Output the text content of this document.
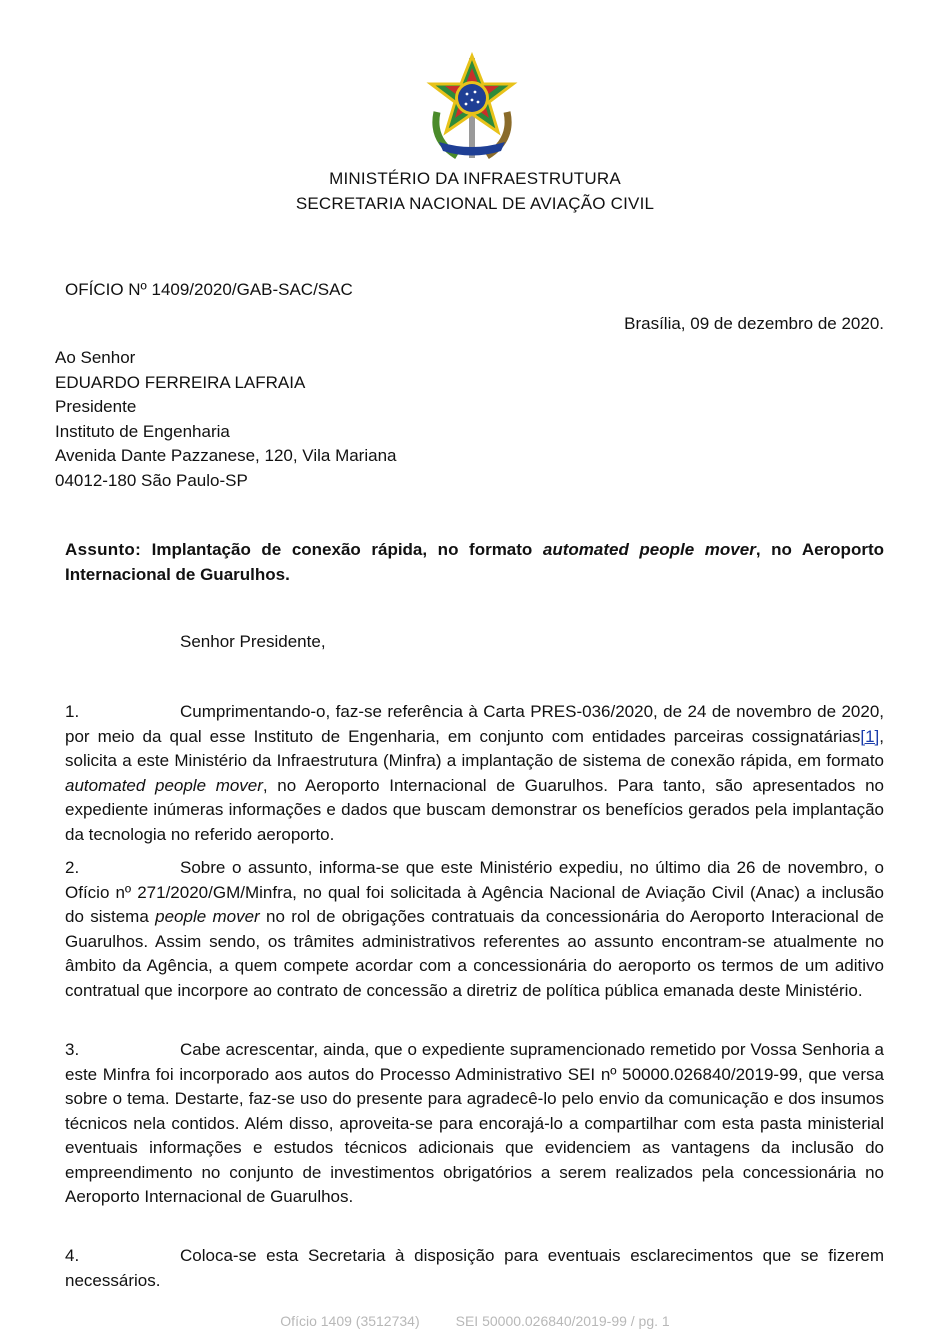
MINISTÉRIO DA INFRAESTRUTURA
SECRETARIA NACIONAL DE AVIAÇÃO CIVIL
OFÍCIO Nº 1409/2020/GAB-SAC/SAC
Brasília, 09 de dezembro de 2020.
Ao Senhor
EDUARDO FERREIRA LAFRAIA
Presidente
Instituto de Engenharia
Avenida Dante Pazzanese, 120, Vila Mariana
04012-180 São Paulo-SP
Assunto: Implantação de conexão rápida, no formato automated people mover, no Aeroporto Internacional de Guarulhos.
Senhor Presidente,
1.	Cumprimentando-o, faz-se referência à Carta PRES-036/2020, de 24 de novembro de 2020, por meio da qual esse Instituto de Engenharia, em conjunto com entidades parceiras cossignatárias[1], solicita a este Ministério da Infraestrutura (Minfra) a implantação de sistema de conexão rápida, em formato automated people mover, no Aeroporto Internacional de Guarulhos. Para tanto, são apresentados no expediente inúmeras informações e dados que buscam demonstrar os benefícios gerados pela implantação da tecnologia no referido aeroporto.
2.	Sobre o assunto, informa-se que este Ministério expediu, no último dia 26 de novembro, o Ofício nº 271/2020/GM/Minfra, no qual foi solicitada à Agência Nacional de Aviação Civil (Anac) a inclusão do sistema people mover no rol de obrigações contratuais da concessionária do Aeroporto Interacional de Guarulhos. Assim sendo, os trâmites administrativos referentes ao assunto encontram-se atualmente no âmbito da Agência, a quem compete acordar com a concessionária do aeroporto os termos de um aditivo contratual que incorpore ao contrato de concessão a diretriz de política pública emanada deste Ministério.
3.	Cabe acrescentar, ainda, que o expediente supramencionado remetido por Vossa Senhoria a este Minfra foi incorporado aos autos do Processo Administrativo SEI nº 50000.026840/2019-99, que versa sobre o tema. Destarte, faz-se uso do presente para agradecê-lo pelo envio da comunicação e dos insumos técnicos nela contidos. Além disso, aproveita-se para encorajá-lo a compartilhar com esta pasta ministerial eventuais informações e estudos técnicos adicionais que evidenciem as vantagens da inclusão do empreendimento no conjunto de investimentos obrigatórios a serem realizados pela concessionária no Aeroporto Internacional de Guarulhos.
4.	Coloca-se esta Secretaria à disposição para eventuais esclarecimentos que se fizerem necessários.
Ofício 1409 (3512734)	SEI 50000.026840/2019-99 / pg. 1
